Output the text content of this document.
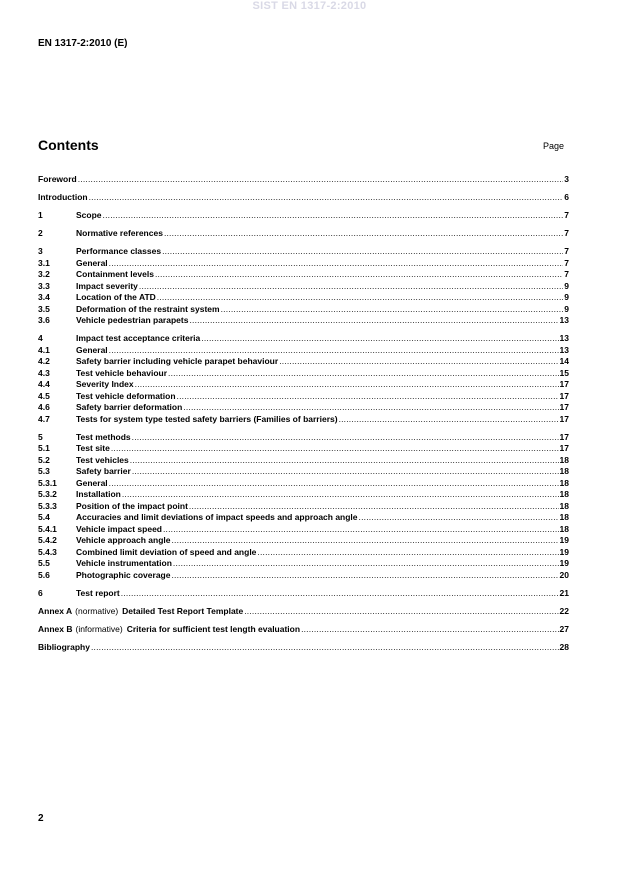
SIST EN 1317-2:2010
EN 1317-2:2010 (E)
Contents	Page
Foreword .....	3
Introduction .....	6
1	Scope .....	7
2	Normative references .....	7
3	Performance classes .....	7
3.1	General .....	7
3.2	Containment levels .....	7
3.3	Impact severity .....	9
3.4	Location of the ATD .....	9
3.5	Deformation of the restraint system .....	9
3.6	Vehicle pedestrian parapets .....	13
4	Impact test acceptance criteria .....	13
4.1	General .....	13
4.2	Safety barrier including vehicle parapet behaviour .....	14
4.3	Test vehicle behaviour .....	15
4.4	Severity Index .....	17
4.5	Test vehicle deformation .....	17
4.6	Safety barrier deformation .....	17
4.7	Tests for system type tested safety barriers (Families of barriers) .....	17
5	Test methods .....	17
5.1	Test site .....	17
5.2	Test vehicles .....	18
5.3	Safety barrier .....	18
5.3.1	General .....	18
5.3.2	Installation .....	18
5.3.3	Position of the impact point .....	18
5.4	Accuracies and limit deviations of impact speeds and approach angle .....	18
5.4.1	Vehicle impact speed .....	18
5.4.2	Vehicle approach angle .....	19
5.4.3	Combined limit deviation of speed and angle .....	19
5.5	Vehicle instrumentation .....	19
5.6	Photographic coverage .....	20
6	Test report .....	21
Annex A (normative) Detailed Test Report Template .....	22
Annex B (informative) Criteria for sufficient test length evaluation .....	27
Bibliography .....	28
2
